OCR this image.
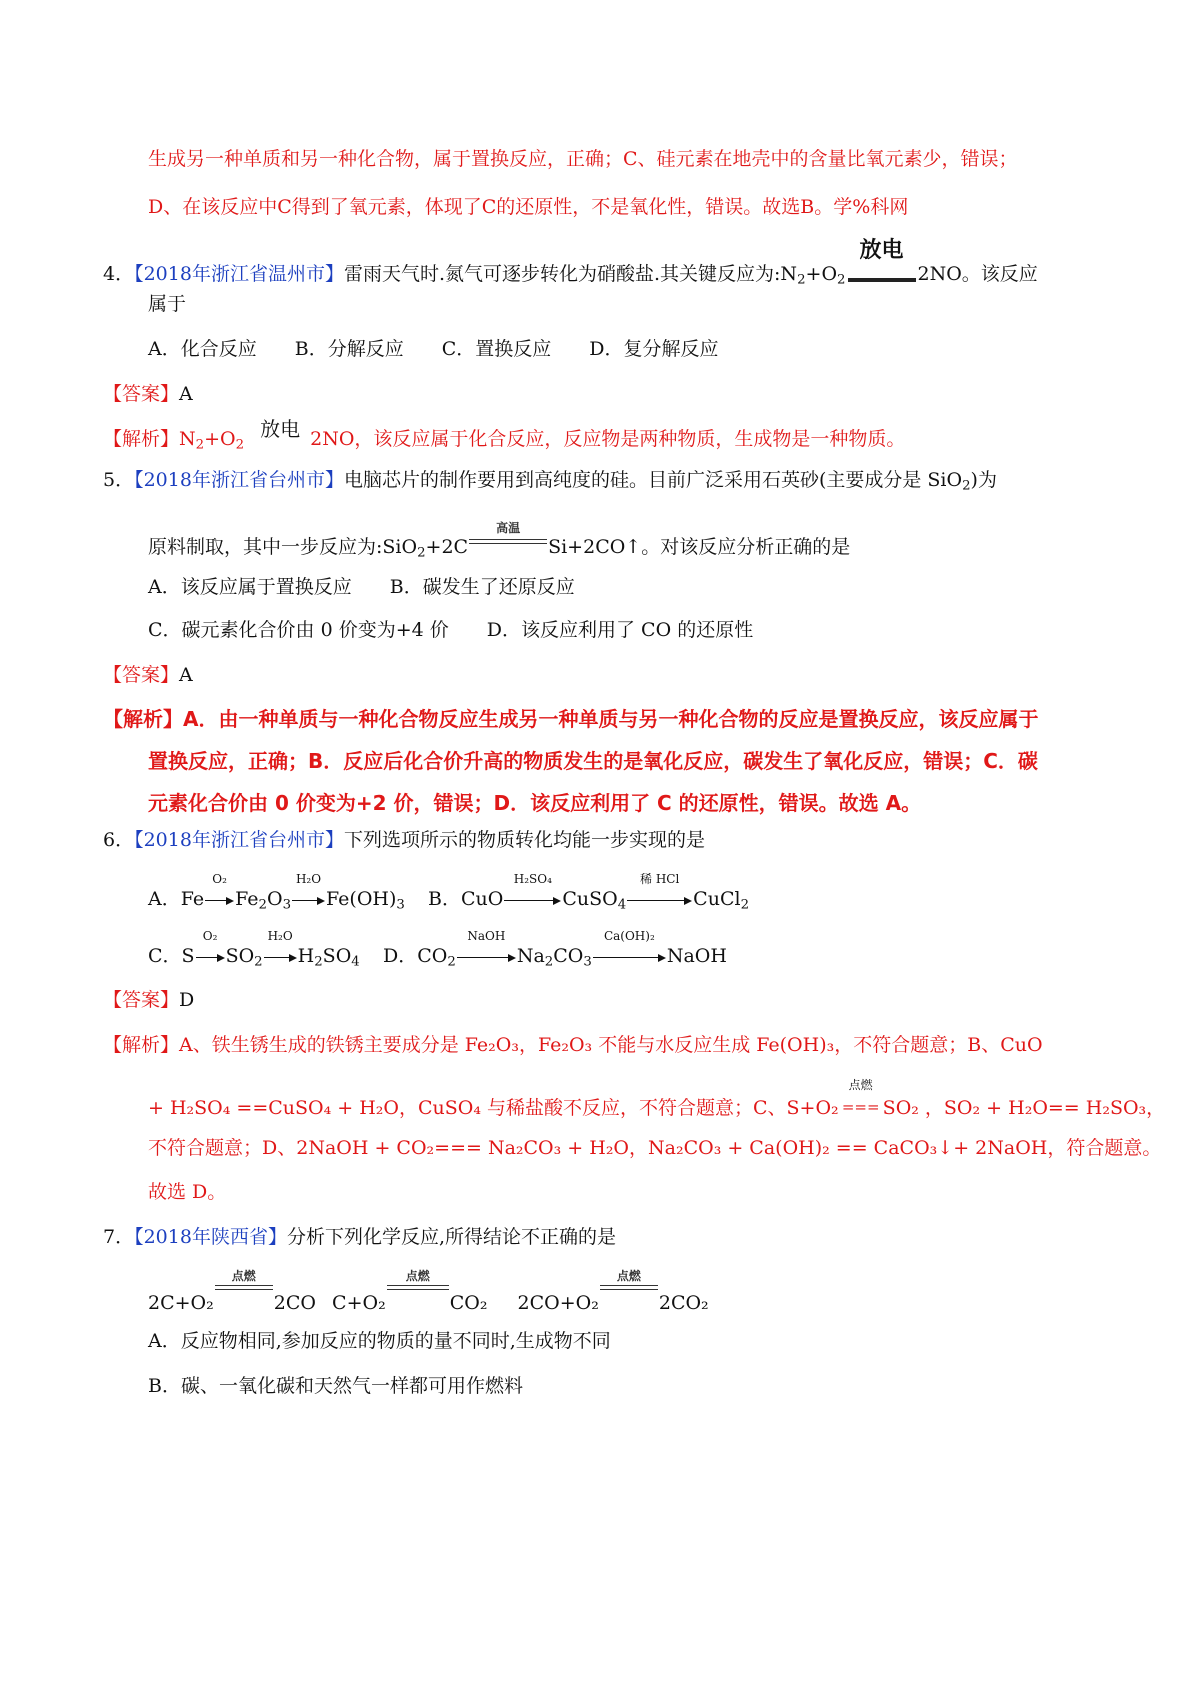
生成另一种单质和另一种化合物，属于置换反应，正确；C、硅元素在地壳中的含量比氧元素少，错误；
D、在该反应中C得到了氧元素，体现了C的还原性，不是氧化性，错误。故选B。学%科网
4．【2018年浙江省温州市】雷雨天气时.氮气可逐步转化为硝酸盐.其关键反应为$:N_2+O_2$
放电
2NO。该反应
属于
A．化合反应 B．分解反应 C．置换反应 D．复分解反应
【答案】A
【解析】$N_2+O_2$
放电 2NO，该反应属于化合反应，反应物是两种物质，生成物是一种物质。
5．【2018年浙江省台州市】电脑芯片的制作要用到高纯度的硅。目前广泛采用石英砂(主要成分是 SiO$_2$)为
原料制取，其中一步反应为:SiO$_2$+2C
高温
Si+2CO↑。对该反应分析正确的是
A．该反应属于置换反应 B．碳发生了还原反应
C．碳元素化合价由 0 价变为+4 价 D．该反应利用了 CO 的还原性
【答案】A
【解析】A．由一种单质与一种化合物反应生成另一种单质与另一种化合物的反应是置换反应，该反应属于
置换反应，正确；B．反应后化合价升高的物质发生的是氧化反应，碳发生了氧化反应，错误；C．碳
元素化合价由 0 价变为+2 价，错误；D．该反应利用了 C 的还原性，错误。故选 A。
6．【2018年浙江省台州市】下列选项所示的物质转化均能一步实现的是
A．Fe
O₂
$Fe_2O_3$
H₂O
$Fe(OH)_3$ B．CuO
H₂SO₄
CuSO$_4$
稀 HCl
CuCl$_2$
C．S
O₂
$SO_2$
H₂O
$H_2SO_4$ D．$CO_2$
NaOH
$Na_2CO_3$
Ca(OH)₂
NaOH
【答案】D
【解析】A、铁生锈生成的铁锈主要成分是 Fe₂O₃，Fe₂O₃ 不能与水反应生成 Fe(OH)₃，不符合题意；B、CuO
+ H₂SO₄ ==CuSO₄ + H₂O，CuSO₄ 与稀盐酸不反应，不符合题意；C、S+O₂
点燃
=== SO₂ ，SO₂ + H₂O== H₂SO₃，
不符合题意；D、2NaOH + CO₂=== Na₂CO₃ + H₂O，Na₂CO₃ + Ca(OH)₂ == CaCO₃↓+ 2NaOH，符合题意。
故选 D。
7．【2018年陕西省】分析下列化学反应,所得结论不正确的是
2C+O₂
点燃
2CO C+O₂
点燃
CO₂ 2CO+O₂
点燃
2CO₂
A．反应物相同,参加反应的物质的量不同时,生成物不同
B．碳、一氧化碳和天然气一样都可用作燃料
